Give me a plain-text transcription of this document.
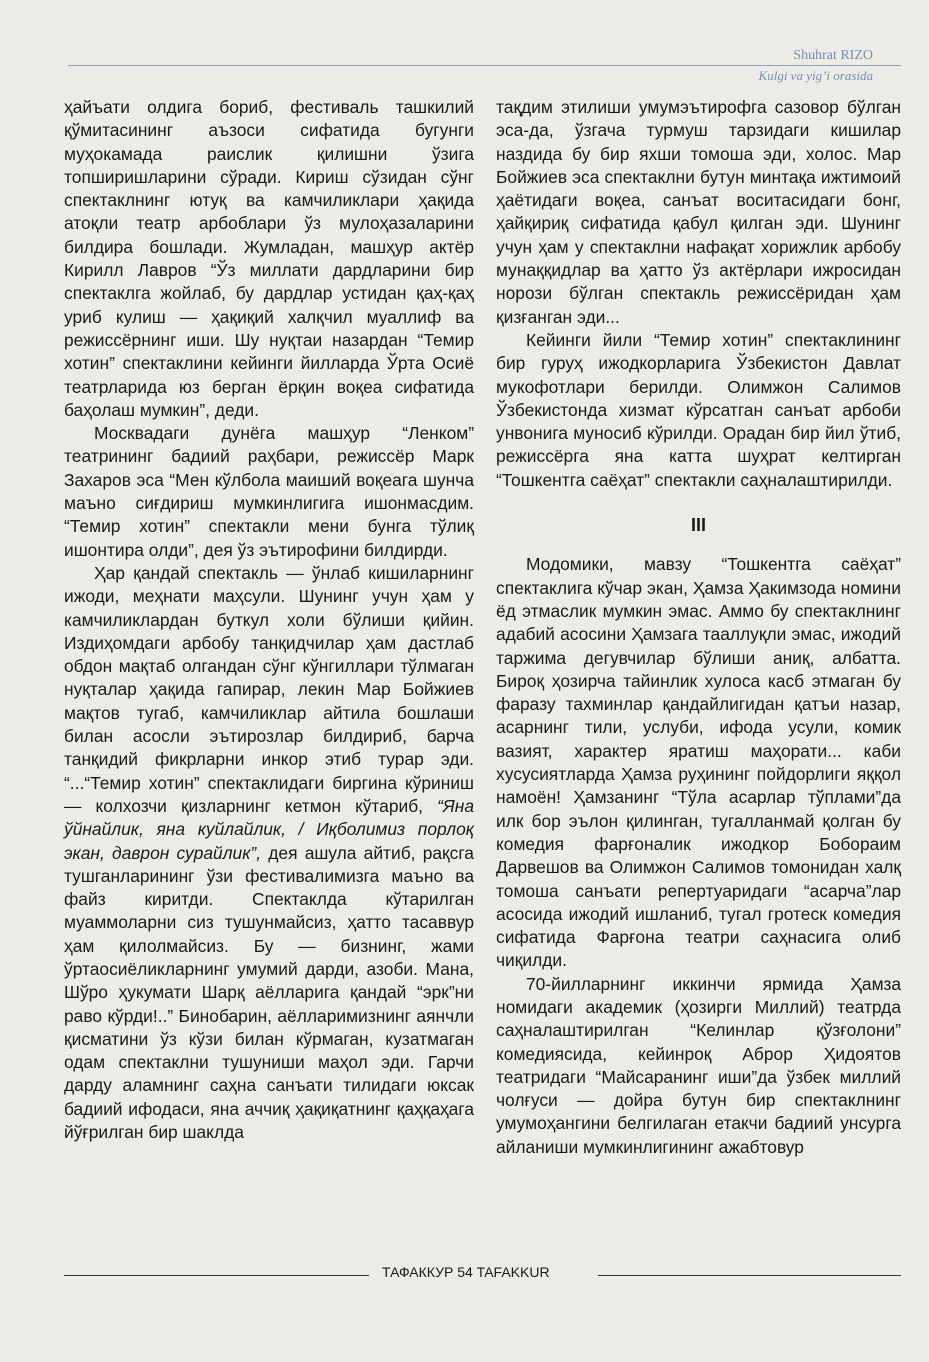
Shuhrat RIZO
Kulgi va yig’i orasida

ҳайъати олдига бориб, фестиваль ташкилий қўмитасининг аъзоси сифатида бугунги муҳокамада раислик қилишни ўзига топширишларини сўради. Кириш сўзидан сўнг спектаклнинг ютуқ ва камчиликлари ҳақида атоқли театр арбоблари ўз мулоҳазаларини билдира бошлади. Жумладан, машҳур актёр Кирилл Лавров “Ўз миллати дардларини бир спектаклга жойлаб, бу дардлар устидан қаҳ-қаҳ уриб кулиш — ҳақиқий халқчил муаллиф ва режиссёрнинг иши. Шу нуқтаи назардан “Темир хотин” спектаклини кейинги йилларда Ўрта Осиё театрларида юз берган ёрқин воқеа сифатида баҳолаш мумкин”, деди.

Москвадаги дунёга машҳур “Ленком” театрининг бадиий раҳбари, режиссёр Марк Захаров эса “Мен кўлбола маиший воқеага шунча маъно сиғдириш мумкинлигига ишонмасдим. “Темир хотин” спектакли мени бунга тўлиқ ишонтира олди”, дея ўз эътирофини билдирди.

Ҳар қандай спектакль — ўнлаб кишиларнинг ижоди, меҳнати маҳсули. Шунинг учун ҳам у камчиликлардан буткул холи бўлиши қийин. Издиҳомдаги арбобу танқидчилар ҳам дастлаб обдон мақтаб олгандан сўнг кўнгиллари тўлмаган нуқталар ҳақида гапирар, лекин Мар Бойжиев мақтов тугаб, камчиликлар айтила бошлаши билан асосли эътирозлар билдириб, барча танқидий фикрларни инкор этиб турар эди. “...“Темир хотин” спектаклидаги биргина кўриниш — колхозчи қизларнинг кетмон кўтариб, “Яна ўйнайлик, яна куйлайлик, / Иқболимиз порлоқ экан, даврон сурайлик”, дея ашула айтиб, рақсга тушганларининг ўзи фестивалимизга маъно ва файз киритди. Спектаклда кўтарилган муаммоларни сиз тушунмайсиз, ҳатто тасаввур ҳам қилолмайсиз. Бу — бизнинг, жами ўртаосиёликларнинг умумий дарди, азоби. Мана, Шўро ҳукумати Шарқ аёлларига қандай “эрк”ни раво кўрди!..” Бинобарин, аёлларимизнинг аянчли қисматини ўз кўзи билан кўрмаган, кузатмаган одам спектаклни тушуниши маҳол эди. Гарчи дарду аламнинг саҳна санъати тилидаги юксак бадиий ифодаси, яна аччиқ ҳақиқатнинг қаҳқаҳага йўғрилган бир шаклда

тақдим этилиши умумэътирофга сазовор бўлган эса-да, ўзгача турмуш тарзидаги кишилар наздида бу бир яхши томоша эди, холос. Мар Бойжиев эса спектаклни бутун минтақа ижтимоий ҳаётидаги воқеа, санъат воситасидаги бонг, ҳайқириқ сифатида қабул қилган эди. Шунинг учун ҳам у спектаклни нафақат хорижлик арбобу мунаққидлар ва ҳатто ўз актёрлари ижросидан норози бўлган спектакль режиссёридан ҳам қизғанган эди...

Кейинги йили “Темир хотин” спектаклининг бир гуруҳ ижодкорларига Ўзбекистон Давлат мукофотлари берилди. Олимжон Салимов Ўзбекистонда хизмат кўрсатган санъат арбоби унвонига муносиб кўрилди. Орадан бир йил ўтиб, режиссёрга яна катта шуҳрат келтирган “Тошкентга саёҳат” спектакли саҳналаштирилди.

III

Модомики, мавзу “Тошкентга саёҳат” спектаклига кўчар экан, Ҳамза Ҳакимзода номини ёд этмаслик мумкин эмас. Аммо бу спектаклнинг адабий асосини Ҳамзага тааллуқли эмас, ижодий таржима дегувчилар бўлиши аниқ, албатта. Бироқ ҳозирча тайинлик хулоса касб этмаган бу фаразу тахминлар қандайлигидан қатъи назар, асарнинг тили, услуби, ифода усули, комик вазият, характер яратиш маҳорати... каби хусусиятларда Ҳамза руҳининг пойдорлиги яққол намоён! Ҳамзанинг “Тўла асарлар тўплами”да илк бор эълон қилинган, тугалланмай қолган бу комедия фарғоналик ижодкор Бобораим Дарвешов ва Олимжон Салимов томонидан халқ томоша санъати репертуаридаги “асарча”лар асосида ижодий ишланиб, тугал гротеск комедия сифатида Фарғона театри саҳнасига олиб чиқилди.

70-йилларнинг иккинчи ярмида Ҳамза номидаги академик (ҳозирги Миллий) театрда саҳналаштирилган “Келинлар қўзғолони” комедиясида, кейинроқ Аброр Ҳидоятов театридаги “Майсаранинг иши”да ўзбек миллий чолғуси — дойра бутун бир спектаклнинг умумоҳангини белгилаган етакчи бадиий унсурга айланиши мумкинлигининг ажабтовур

ТАФАККУР 54 TAFAKKUR
